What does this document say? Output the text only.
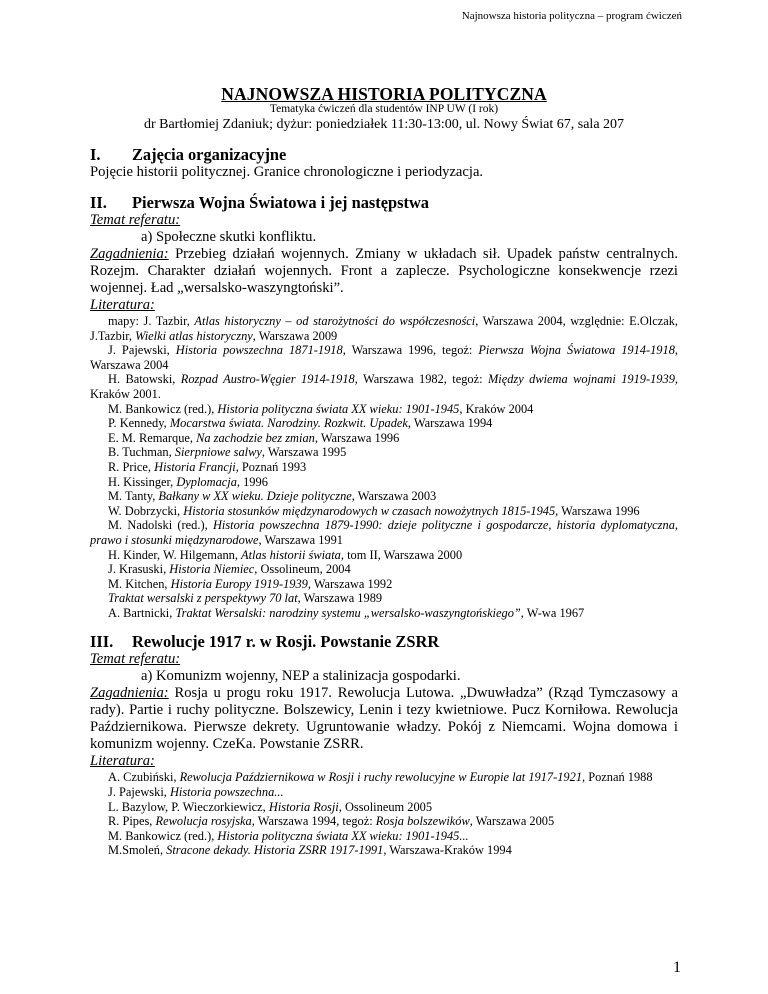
Najnowsza historia polityczna – program ćwiczeń
NAJNOWSZA HISTORIA POLITYCZNA
Tematyka ćwiczeń dla studentów INP UW (I rok)
dr Bartłomiej Zdaniuk; dyżur: poniedziałek 11:30-13:00, ul. Nowy Świat 67, sala 207
I.	Zajęcia organizacyjne
Pojęcie historii politycznej. Granice chronologiczne i periodyzacja.
II.	Pierwsza Wojna Światowa i jej następstwa
Temat referatu:
a) Społeczne skutki konfliktu.
Zagadnienia: Przebieg działań wojennych. Zmiany w układach sił. Upadek państw centralnych. Rozejm. Charakter działań wojennych. Front a zaplecze. Psychologiczne konsekwencje rzezi wojennej. Ład „wersalsko-waszyngtoński”.
Literatura:
mapy: J. Tazbir, Atlas historyczny – od starożytności do współczesności, Warszawa 2004, względnie: E.Olczak, J.Tazbir, Wielki atlas historyczny, Warszawa 2009
J. Pajewski, Historia powszechna 1871-1918, Warszawa 1996, tegoż: Pierwsza Wojna Światowa 1914-1918, Warszawa 2004
H. Batowski, Rozpad Austro-Węgier 1914-1918, Warszawa 1982, tegoż: Między dwiema wojnami 1919-1939, Kraków 2001.
M. Bankowicz (red.), Historia polityczna świata XX wieku: 1901-1945, Kraków 2004
P. Kennedy, Mocarstwa świata. Narodziny. Rozkwit. Upadek, Warszawa 1994
E. M. Remarque, Na zachodzie bez zmian, Warszawa 1996
B. Tuchman, Sierpniowe salwy, Warszawa 1995
R. Price, Historia Francji, Poznań 1993
H. Kissinger, Dyplomacja, 1996
M. Tanty, Bałkany w XX wieku. Dzieje polityczne, Warszawa 2003
W. Dobrzycki, Historia stosunków międzynarodowych w czasach nowożytnych 1815-1945, Warszawa 1996
M. Nadolski (red.), Historia powszechna 1879-1990: dzieje polityczne i gospodarcze, historia dyplomatyczna, prawo i stosunki międzynarodowe, Warszawa 1991
H. Kinder, W. Hilgemann, Atlas historii świata, tom II, Warszawa 2000
J. Krasuski, Historia Niemiec, Ossolineum, 2004
M. Kitchen, Historia Europy 1919-1939, Warszawa 1992
Traktat wersalski z perspektywy 70 lat, Warszawa 1989
A. Bartnicki, Traktat Wersalski: narodziny systemu „wersalsko-waszyngtońskiego”, W-wa 1967
III.	Rewolucje 1917 r. w Rosji. Powstanie ZSRR
Temat referatu:
a) Komunizm wojenny, NEP a stalinizacja gospodarki.
Zagadnienia: Rosja u progu roku 1917. Rewolucja Lutowa. „Dwuwładza” (Rząd Tymczasowy a rady). Partie i ruchy polityczne. Bolszewicy, Lenin i tezy kwietniowe. Pucz Korniłowa. Rewolucja Październikowa. Pierwsze dekrety. Ugruntowanie władzy. Pokój z Niemcami. Wojna domowa i komunizm wojenny. CzeKa. Powstanie ZSRR.
Literatura:
A. Czubiński, Rewolucja Październikowa w Rosji i ruchy rewolucyjne w Europie lat 1917-1921, Poznań 1988
J. Pajewski, Historia powszechna...
L. Bazylow, P. Wieczorkiewicz, Historia Rosji, Ossolineum 2005
R. Pipes, Rewolucja rosyjska, Warszawa 1994, tegoż: Rosja bolszewików, Warszawa 2005
M. Bankowicz (red.), Historia polityczna świata XX wieku: 1901-1945...
M.Smoleń, Stracone dekady. Historia ZSRR 1917-1991, Warszawa-Kraków 1994
1
